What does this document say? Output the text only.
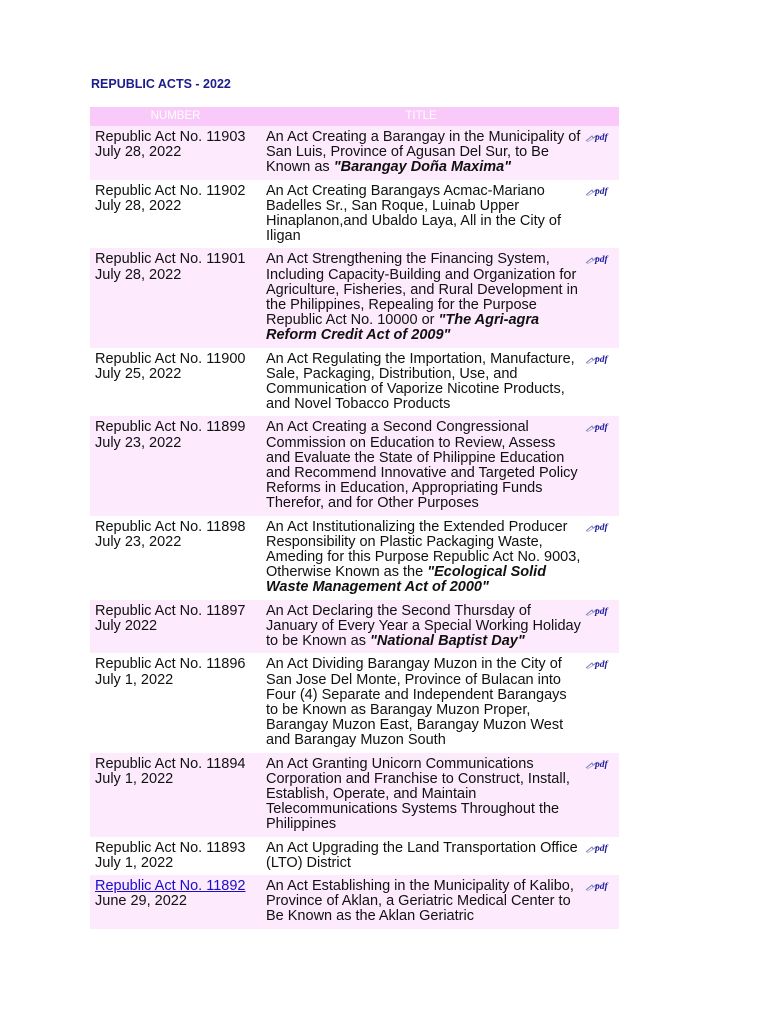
REPUBLIC ACTS - 2022
NUMBER	TITLE	
Republic Act No. 11903
July 28, 2022	An Act Creating a Barangay in the Municipality of San Luis, Province of Agusan Del Sur, to Be Known as "Barangay Doña Maxima"	pdf

Republic Act No. 11902
July 28, 2022	An Act Creating Barangays Acmac-Mariano Badelles Sr., San Roque, Luinab Upper Hinaplanon,and Ubaldo Laya, All in the City of Iligan	pdf

Republic Act No. 11901
July 28, 2022	An Act Strengthening the Financing System, Including Capacity-Building and Organization for Agriculture, Fisheries, and Rural Development in the Philippines, Repealing for the Purpose Republic Act No. 10000 or "The Agri-agra Reform Credit Act of 2009"	pdf

Republic Act No. 11900
July 25, 2022	An Act Regulating the Importation, Manufacture, Sale, Packaging, Distribution, Use, and Communication of Vaporize Nicotine Products, and Novel Tobacco Products	pdf

Republic Act No. 11899
July 23, 2022	An Act Creating a Second Congressional Commission on Education to Review, Assess and Evaluate the State of Philippine Education and Recommend Innovative and Targeted Policy Reforms in Education, Appropriating Funds Therefor, and for Other Purposes	pdf

Republic Act No. 11898
July 23, 2022	An Act Institutionalizing the Extended Producer Responsibility on Plastic Packaging Waste, Ameding for this Purpose Republic Act No. 9003, Otherwise Known as the "Ecological Solid Waste Management Act of 2000"	pdf

Republic Act No. 11897
July 2022	An Act Declaring the Second Thursday of January of Every Year a Special Working Holiday to be Known as "National Baptist Day"	pdf

Republic Act No. 11896
July 1, 2022	An Act Dividing Barangay Muzon in the City of San Jose Del Monte, Province of Bulacan into Four (4) Separate and Independent Barangays to be Known as Barangay Muzon Proper, Barangay Muzon East, Barangay Muzon West and Barangay Muzon South	pdf

Republic Act No. 11894
July 1, 2022	An Act Granting Unicorn Communications Corporation and Franchise to Construct, Install, Establish, Operate, and Maintain Telecommunications Systems Throughout the Philippines	pdf

Republic Act No. 11893
July 1, 2022	An Act Upgrading the Land Transportation Office (LTO) District	pdf

Republic Act No. 11892
June 29, 2022	An Act Establishing in the Municipality of Kalibo, Province of Aklan, a Geriatric Medical Center to Be Known as the Aklan Geriatric	pdf
